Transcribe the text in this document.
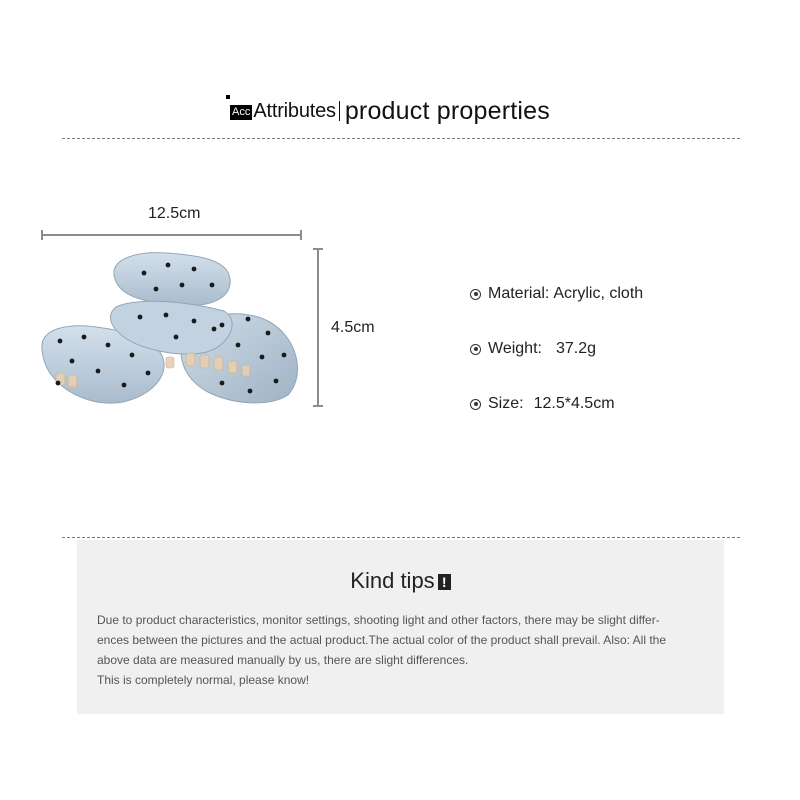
Acc Attributes product properties
12.5cm
4.5cm
Material: Acrylic, cloth
Weight: 37.2g
Size: 12.5*4.5cm
Kind tips !

Due to product characteristics, monitor settings, shooting light and other factors, there may be slight differ-

ences between the pictures and the actual product.The actual color of the product shall prevail. Also: All the

above data are measured manually by us, there are slight differences.

This is completely normal, please know!
